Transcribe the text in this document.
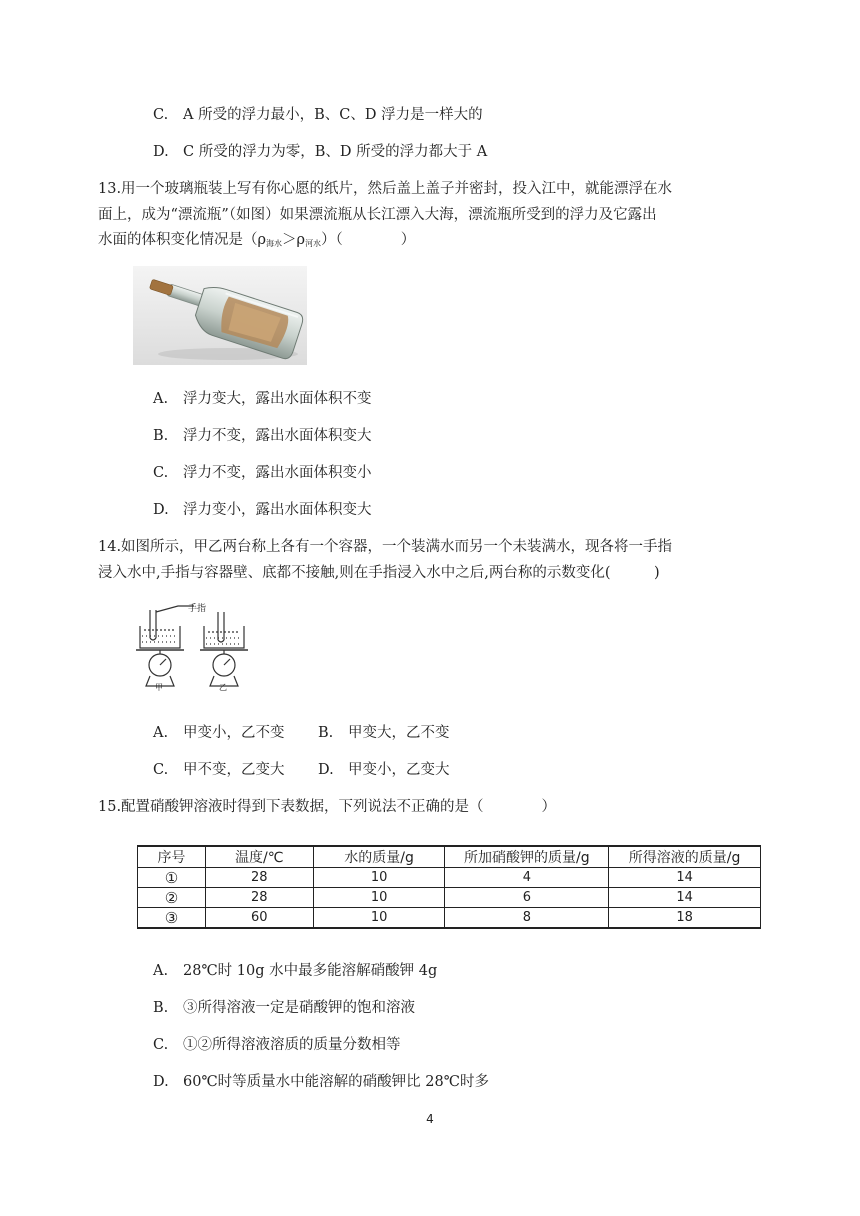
C. A 所受的浮力最小，B、C、D 浮力是一样大的
D. C 所受的浮力为零，B、D 所受的浮力都大于 A
13.用一个玻璃瓶装上写有你心愿的纸片，然后盖上盖子并密封，投入江中，就能漂浮在水
面上，成为“漂流瓶”（如图）如果漂流瓶从长江漂入大海，漂流瓶所受到的浮力及它露出
水面的体积变化情况是$(\rho_{海水}>\rho_{河水})$（　　　　）
A. 浮力变大，露出水面体积不变
B. 浮力不变，露出水面体积变大
C. 浮力不变，露出水面体积变小
D. 浮力变小，露出水面体积变大
14.如图所示，甲乙两台称上各有一个容器，一个装满水而另一个未装满水，现各将一手指
浸入水中,手指与容器壁、底都不接触,则在手指浸入水中之后,两台称的示数变化(　　　)
手指
甲	乙
A. 甲变小，乙不变 B. 甲变大，乙不变
C. 甲不变，乙变大 D. 甲变小，乙变大
15.配置硝酸钾溶液时得到下表数据，下列说法不正确的是（　　　　）
序号	温度/℃	水的质量/g	所加硝酸钾的质量/g	所得溶液的质量/g
①	28	10	4	14
②	28	10	6	14
③	60	10	8	18
A. 28℃时 10g 水中最多能溶解硝酸钾 4g
B. ③所得溶液一定是硝酸钾的饱和溶液
C. ①②所得溶液溶质的质量分数相等
D. 60℃时等质量水中能溶解的硝酸钾比 28℃时多
4
